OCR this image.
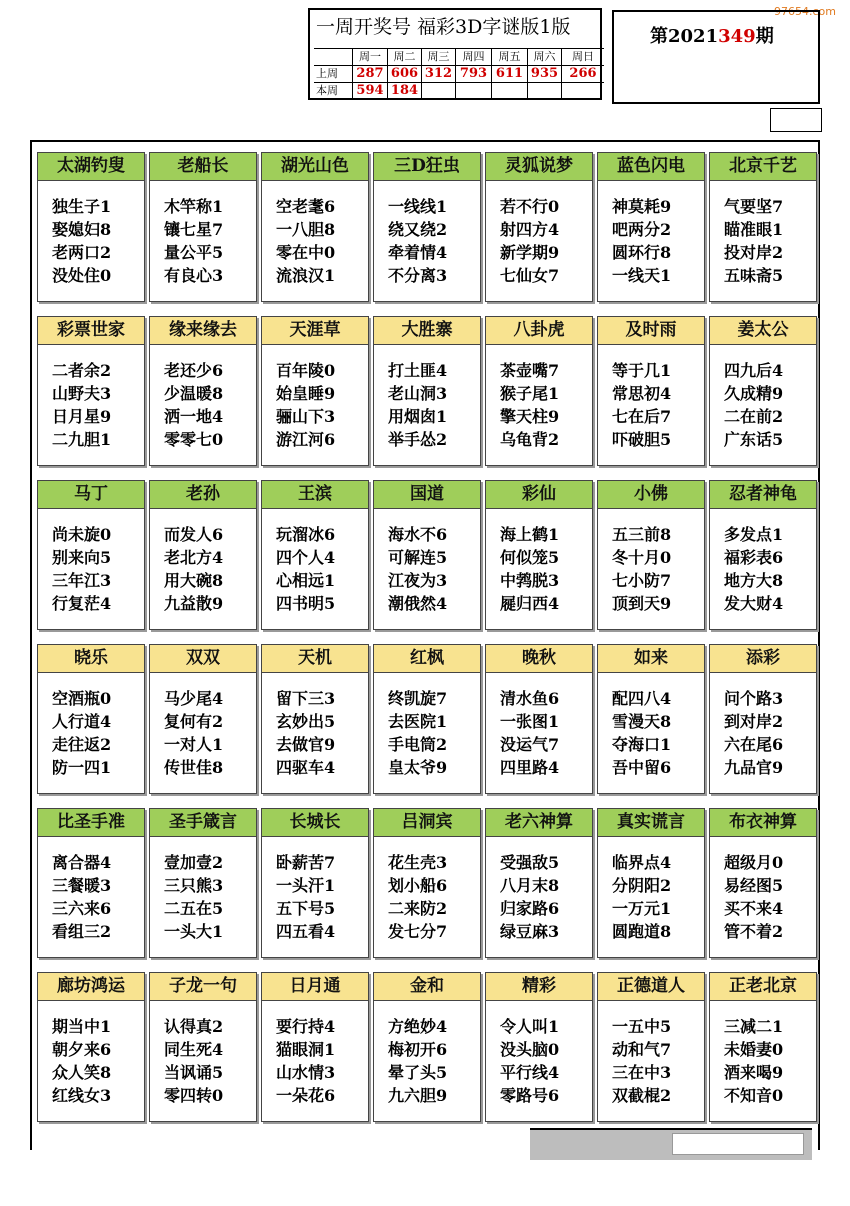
97654.com
一周开奖号 福彩3D字谜版1版
周一	周二	周三	周四	周五	周六	周日
上周	287 606 312 793 611 935 266
本周	594 184
第2021349期
太湖钓叟
独生子1
娶媳妇8
老两口2
没处住0
老船长
木竿称1
镶七星7
量公平5
有良心3
湖光山色
空老耄6
一八胆8
零在中0
流浪汉1
三D狂虫
一线线1
绕又绕2
牵着情4
不分离3
灵狐说梦
若不行0
射四方4
新学期9
七仙女7
蓝色闪电
神莫耗9
吧两分2
圆环行8
一线天1
北京千艺
气要坚7
瞄准眼1
投对岸2
五味斋5
彩票世家
二者余2
山野夫3
日月星9
二九胆1
缘来缘去
老还少6
少温暖8
洒一地4
零零七0
天涯草
百年陵0
始皇睡9
骊山下3
游江河6
大胜寨
打土匪4
老山洞3
用烟囱1
举手怂2
八卦虎
茶壶嘴7
猴子尾1
擎天柱9
乌龟背2
及时雨
等于几1
常思初4
七在后7
吓破胆5
姜太公
四九后4
久成精9
二在前2
广东话5
马丁
尚未旋0
别来向5
三年江3
行复茫4
老孙
而发人6
老北方4
用大碗8
九益散9
王滨
玩溜冰6
四个人4
心相远1
四书明5
国道
海水不6
可解连5
江夜为3
潮俄然4
彩仙
海上鹤1
何似笼5
中鹁脱3
屣归西4
小佛
五三前8
冬十月0
七小防7
顶到天9
忍者神龟
多发点1
福彩表6
地方大8
发大财4
晓乐
空酒瓶0
人行道4
走往返2
防一四1
双双
马少尾4
复何有2
一对人1
传世佳8
天机
留下三3
玄妙出5
去做官9
四驱车4
红枫
终凯旋7
去医院1
手电筒2
皇太爷9
晚秋
清水鱼6
一张图1
没运气7
四里路4
如来
配四八4
雪漫天8
夺海口1
吾中留6
添彩
问个路3
到对岸2
六在尾6
九品官9
比圣手准
离合器4
三餐暖3
三六来6
看组三2
圣手箴言
壹加壹2
三只熊3
二五在5
一头大1
长城长
卧薪苦7
一头汗1
五下号5
四五看4
吕洞宾
花生壳3
划小船6
二来防2
发七分7
老六神算
受强敌5
八月末8
归家路6
绿豆麻3
真实谎言
临界点4
分阴阳2
一万元1
圆跑道8
布衣神算
超级月0
易经图5
买不来4
管不着2
廊坊鸿运
期当中1
朝夕来6
众人笑8
红线女3
子龙一句
认得真2
同生死4
当讽诵5
零四转0
日月通
要行持4
猫眼洞1
山水情3
一朵花6
金和
方绝妙4
梅初开6
晕了头5
九六胆9
精彩
令人叫1
没头脑0
平行线4
零路号6
正德道人
一五中5
动和气7
三在中3
双截棍2
正老北京
三减二1
未婚妻0
酒来喝9
不知音0
